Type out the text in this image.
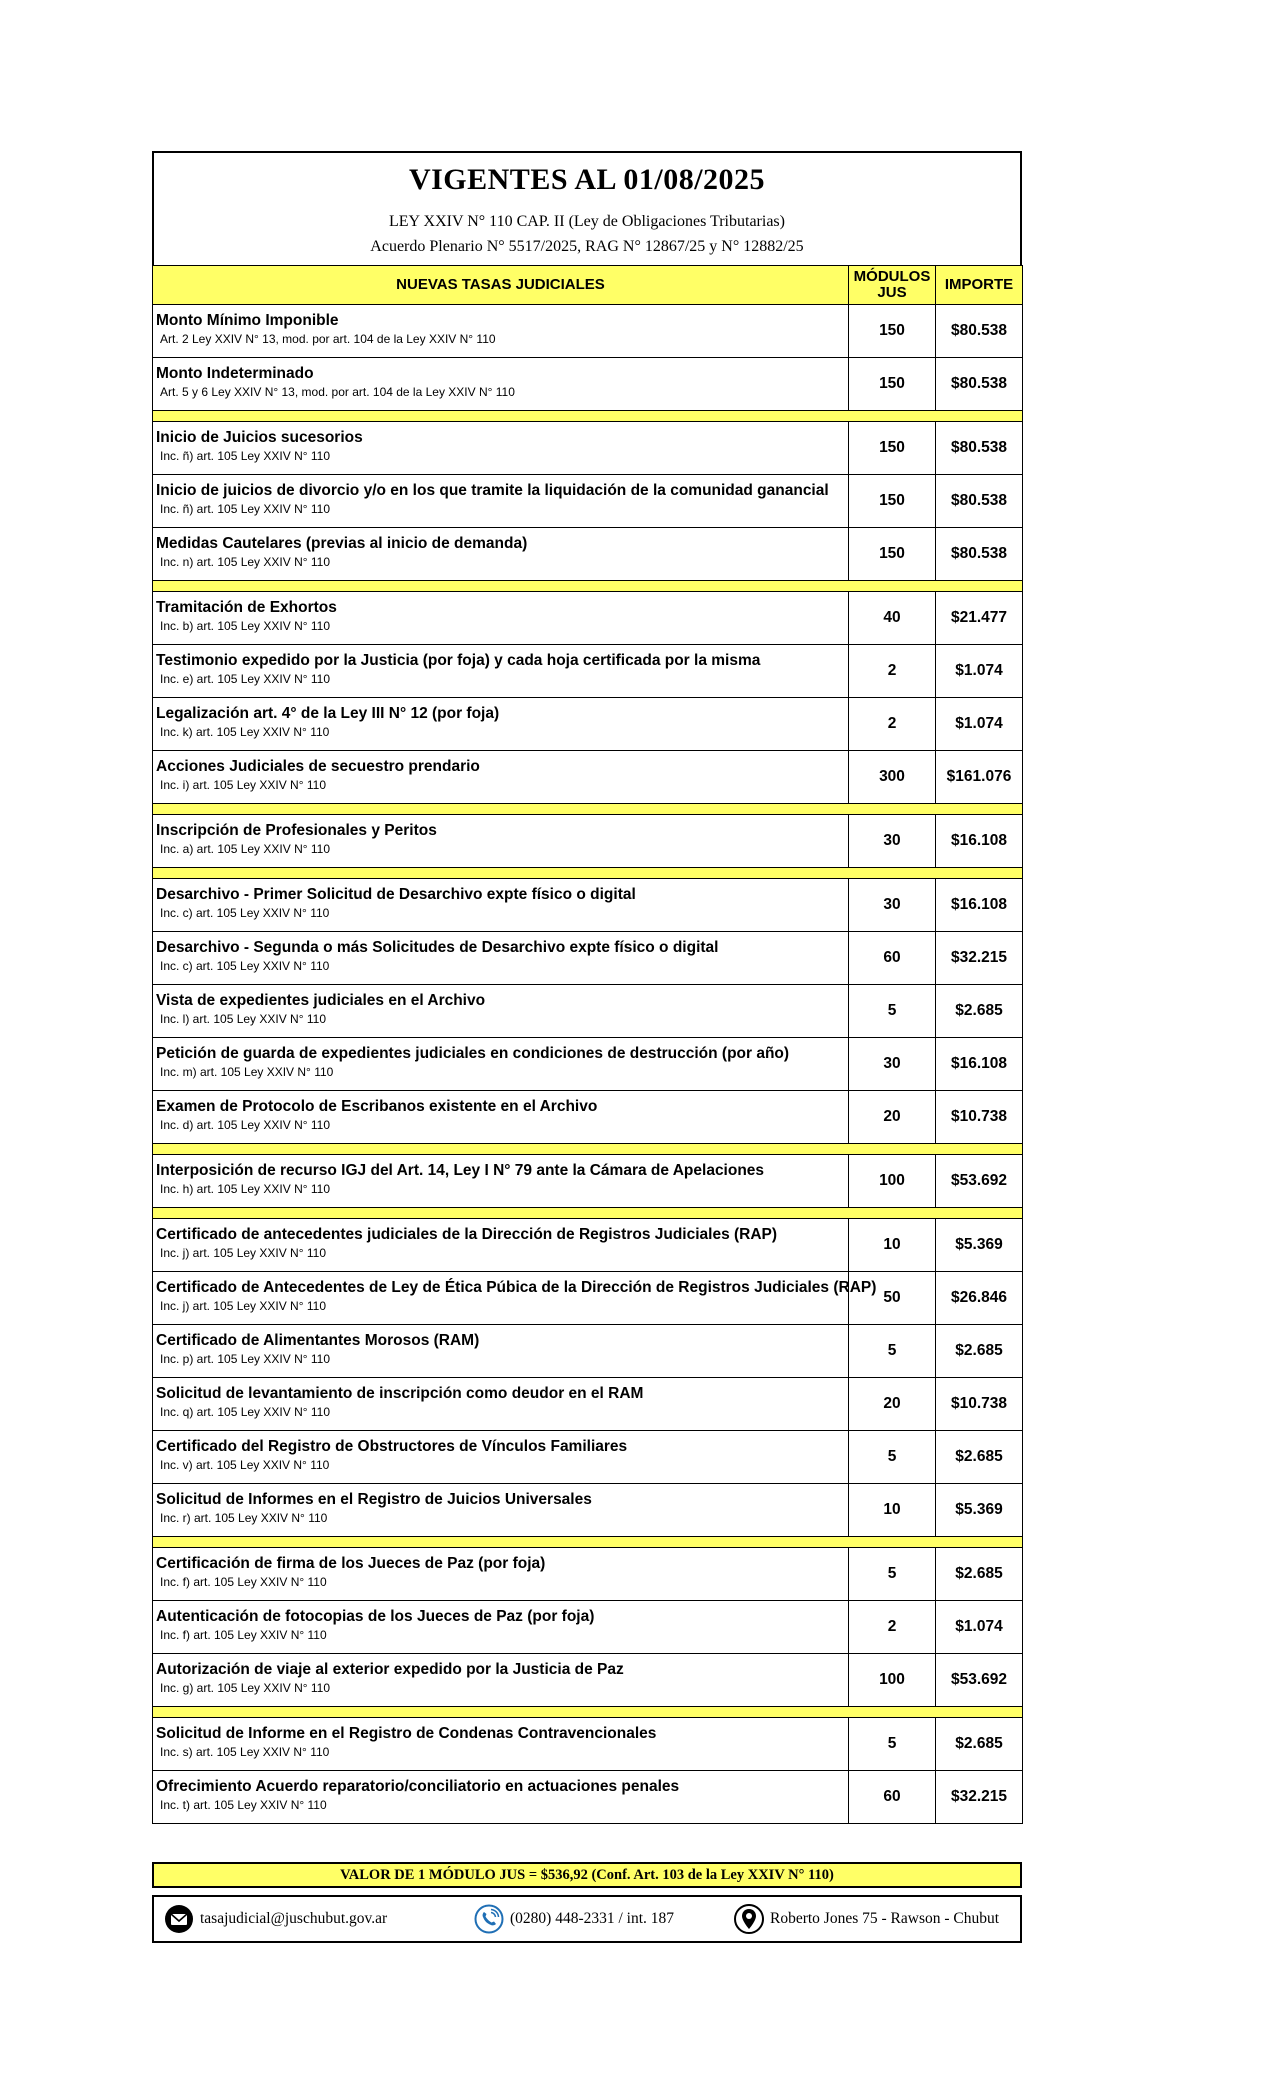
VIGENTES AL 01/08/2025

LEY XXIV N° 110 CAP. II (Ley de Obligaciones Tributarias)

Acuerdo Plenario N° 5517/2025, RAG N° 12867/25 y N° 12882/25

NUEVAS TASAS JUDICIALES	MÓDULOS JUS	IMPORTE

Monto Mínimo Imponible
Art. 2 Ley XXIV N° 13, mod. por art. 104 de la Ley XXIV N° 110	150	$80.538

Monto Indeterminado
Art. 5 y 6 Ley XXIV N° 13, mod. por art. 104 de la Ley XXIV N° 110	150	$80.538

Inicio de Juicios sucesorios
Inc. ñ) art. 105 Ley XXIV N° 110	150	$80.538

Inicio de juicios de divorcio y/o en los que tramite la liquidación de la comunidad ganancial
Inc. ñ) art. 105 Ley XXIV N° 110	150	$80.538

Medidas Cautelares (previas al inicio de demanda)
Inc. n) art. 105 Ley XXIV N° 110	150	$80.538

Tramitación de Exhortos
Inc. b) art. 105 Ley XXIV N° 110	40	$21.477

Testimonio expedido por la Justicia (por foja) y cada hoja certificada por la misma
Inc. e) art. 105 Ley XXIV N° 110	2	$1.074

Legalización art. 4° de la Ley III N° 12 (por foja)
Inc. k) art. 105 Ley XXIV N° 110	2	$1.074

Acciones Judiciales de secuestro prendario
Inc. i) art. 105 Ley XXIV N° 110	300	$161.076

Inscripción de Profesionales y Peritos
Inc. a) art. 105 Ley XXIV N° 110	30	$16.108

Desarchivo - Primer Solicitud de Desarchivo expte físico o digital
Inc. c) art. 105 Ley XXIV N° 110	30	$16.108

Desarchivo - Segunda o más Solicitudes de Desarchivo expte físico o digital
Inc. c) art. 105 Ley XXIV N° 110	60	$32.215

Vista de expedientes judiciales en el Archivo
Inc. l) art. 105 Ley XXIV N° 110	5	$2.685

Petición de guarda de expedientes judiciales en condiciones de destrucción (por año)
Inc. m) art. 105 Ley XXIV N° 110	30	$16.108

Examen de Protocolo de Escribanos existente en el Archivo
Inc. d) art. 105 Ley XXIV N° 110	20	$10.738

Interposición de recurso IGJ del Art. 14, Ley I N° 79 ante la Cámara de Apelaciones
Inc. h) art. 105 Ley XXIV N° 110	100	$53.692

Certificado de antecedentes judiciales de la Dirección de Registros Judiciales (RAP)
Inc. j) art. 105 Ley XXIV N° 110	10	$5.369

Certificado de Antecedentes de Ley de Ética Púbica de la Dirección de Registros Judiciales (RAP)
Inc. j) art. 105 Ley XXIV N° 110	50	$26.846

Certificado de Alimentantes Morosos (RAM)
Inc. p) art. 105 Ley XXIV N° 110	5	$2.685

Solicitud de levantamiento de inscripción como deudor en el RAM
Inc. q) art. 105 Ley XXIV N° 110	20	$10.738

Certificado del Registro de Obstructores de Vínculos Familiares
Inc. v) art. 105 Ley XXIV N° 110	5	$2.685

Solicitud de Informes en el Registro de Juicios Universales
Inc. r) art. 105 Ley XXIV N° 110	10	$5.369

Certificación de firma de los Jueces de Paz (por foja)
Inc. f) art. 105 Ley XXIV N° 110	5	$2.685

Autenticación de fotocopias de los Jueces de Paz (por foja)
Inc. f) art. 105 Ley XXIV N° 110	2	$1.074

Autorización de viaje al exterior expedido por la Justicia de Paz
Inc. g) art. 105 Ley XXIV N° 110	100	$53.692

Solicitud de Informe en el Registro de Condenas Contravencionales
Inc. s) art. 105 Ley XXIV N° 110	5	$2.685

Ofrecimiento Acuerdo reparatorio/conciliatorio en actuaciones penales
Inc. t) art. 105 Ley XXIV N° 110	60	$32.215
VALOR DE 1 MÓDULO JUS = $536,92 (Conf. Art. 103 de la Ley XXIV N° 110)
tasajudicial@juschubut.gov.ar	(0280) 448-2331 / int. 187	Roberto Jones 75 - Rawson - Chubut
